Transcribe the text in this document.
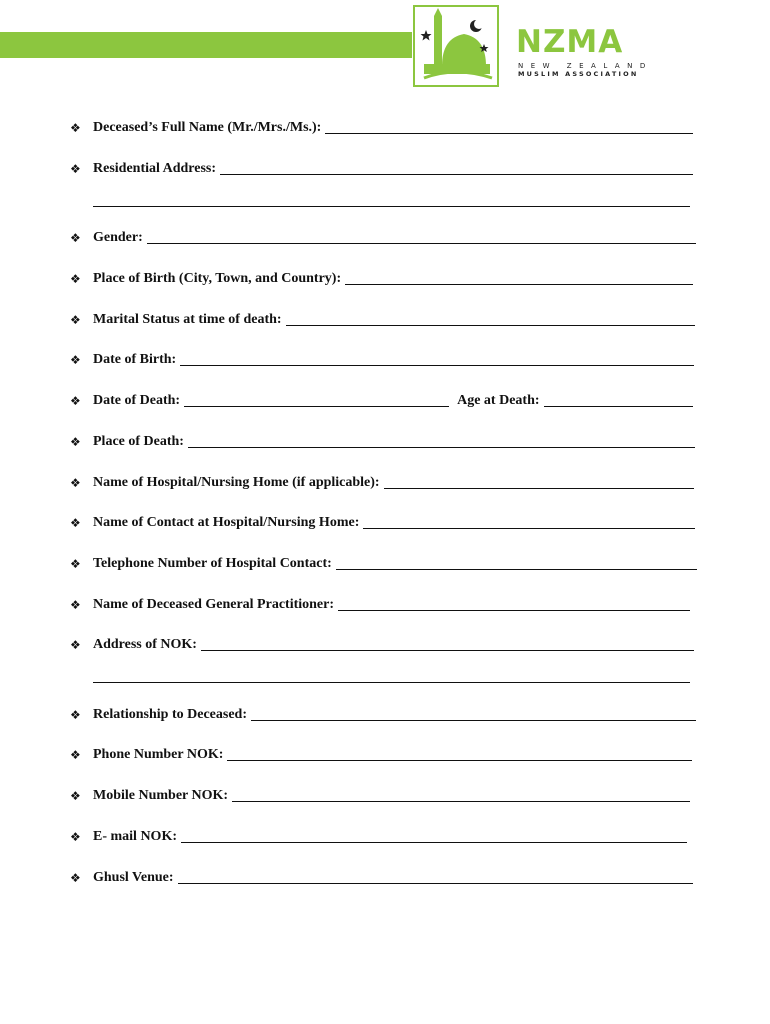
NZMA
NEW ZEALAND
MUSLIM ASSOCIATION
❖ Deceased’s Full Name (Mr./Mrs./Ms.):
❖ Residential Address:
❖ Gender:
❖ Place of Birth (City, Town, and Country):
❖ Marital Status at time of death:
❖ Date of Birth:
❖ Date of Death:	Age at Death:
❖ Place of Death:
❖ Name of Hospital/Nursing Home (if applicable):
❖ Name of Contact at Hospital/Nursing Home:
❖ Telephone Number of Hospital Contact:
❖ Name of Deceased General Practitioner:
❖ Address of NOK:
❖ Relationship to Deceased:
❖ Phone Number NOK:
❖ Mobile Number NOK:
❖ E- mail NOK:
❖ Ghusl Venue:
